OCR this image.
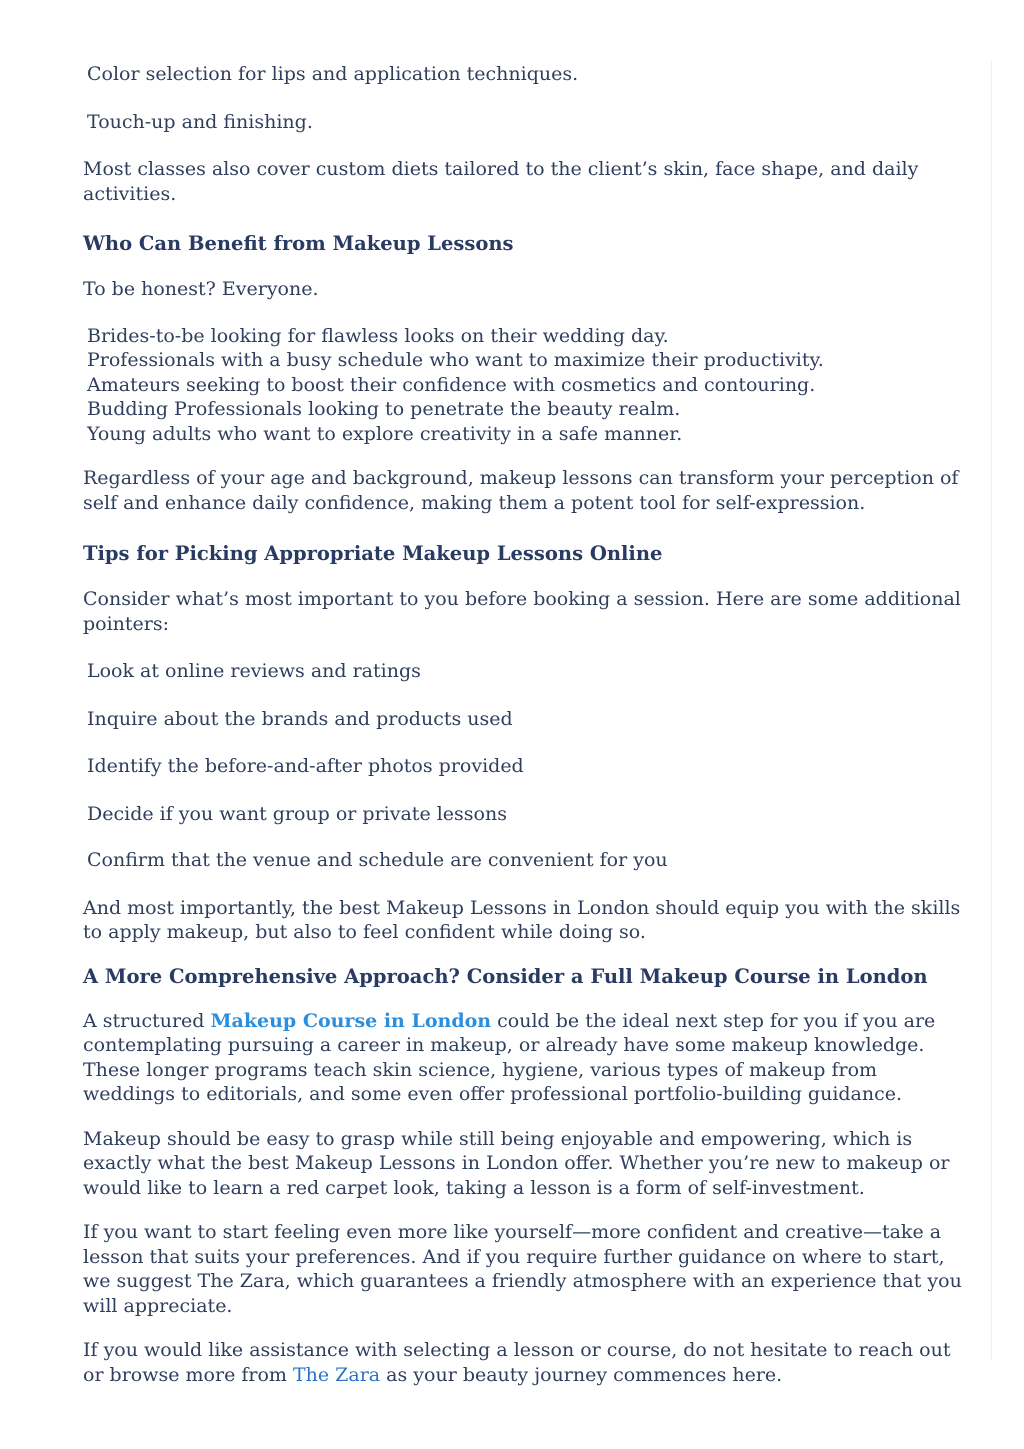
Color selection for lips and application techniques.

Touch-up and finishing.

Most classes also cover custom diets tailored to the client’s skin, face shape, and daily activities.

Who Can Benefit from Makeup Lessons

To be honest? Everyone.

Brides-to-be looking for flawless looks on their wedding day.
Professionals with a busy schedule who want to maximize their productivity.
Amateurs seeking to boost their confidence with cosmetics and contouring.
Budding Professionals looking to penetrate the beauty realm.
Young adults who want to explore creativity in a safe manner.

Regardless of your age and background, makeup lessons can transform your perception of self and enhance daily confidence, making them a potent tool for self-expression.

Tips for Picking Appropriate Makeup Lessons Online

Consider what’s most important to you before booking a session. Here are some additional pointers:

Look at online reviews and ratings

Inquire about the brands and products used

Identify the before-and-after photos provided

Decide if you want group or private lessons

Confirm that the venue and schedule are convenient for you

And most importantly, the best Makeup Lessons in London should equip you with the skills to apply makeup, but also to feel confident while doing so.

A More Comprehensive Approach? Consider a Full Makeup Course in London

A structured Makeup Course in London could be the ideal next step for you if you are contemplating pursuing a career in makeup, or already have some makeup knowledge. These longer programs teach skin science, hygiene, various types of makeup from weddings to editorials, and some even offer professional portfolio-building guidance.

Makeup should be easy to grasp while still being enjoyable and empowering, which is exactly what the best Makeup Lessons in London offer. Whether you’re new to makeup or would like to learn a red carpet look, taking a lesson is a form of self-investment.

If you want to start feeling even more like yourself—more confident and creative—take a lesson that suits your preferences. And if you require further guidance on where to start, we suggest The Zara, which guarantees a friendly atmosphere with an experience that you will appreciate.

If you would like assistance with selecting a lesson or course, do not hesitate to reach out or browse more from The Zara as your beauty journey commences here.
